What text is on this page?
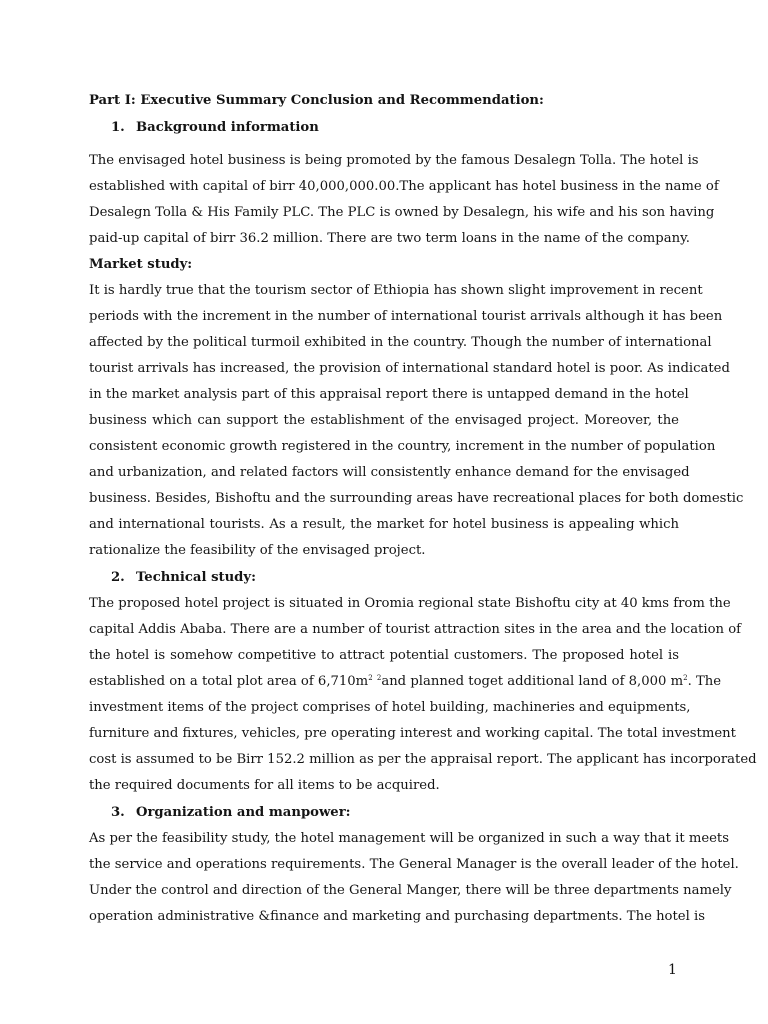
Part I: Executive Summary Conclusion and Recommendation:
1. Background information
The envisaged hotel business is being promoted by the famous Desalegn Tolla. The hotel is
established with capital of birr 40,000,000.00.The applicant has hotel business in the name of
Desalegn Tolla & His Family PLC. The PLC is owned by Desalegn, his wife and his son having
paid-up capital of birr 36.2 million. There are two term loans in the name of the company.
Market study:
It is hardly true that the tourism sector of Ethiopia has shown slight improvement in recent
periods with the increment in the number of international tourist arrivals although it has been
affected by the political turmoil exhibited in the country. Though the number of international
tourist arrivals has increased, the provision of international standard hotel is poor. As indicated
in the market analysis part of this appraisal report there is untapped demand in the hotel
business which can support the establishment of the envisaged project. Moreover, the
consistent economic growth registered in the country, increment in the number of population
and urbanization, and related factors will consistently enhance demand for the envisaged
business. Besides, Bishoftu and the surrounding areas have recreational places for both domestic
and international tourists. As a result, the market for hotel business is appealing which
rationalize the feasibility of the envisaged project.
2. Technical study:
The proposed hotel project is situated in Oromia regional state Bishoftu city at 40 kms from the
capital Addis Ababa. There are a number of tourist attraction sites in the area and the location of
the hotel is somehow competitive to attract potential customers. The proposed hotel is
established on a total plot area of $6,710m^2$ $^2$and planned toget additional land of 8,000 $m^2$. The
investment items of the project comprises of hotel building, machineries and equipments,
furniture and fixtures, vehicles, pre operating interest and working capital. The total investment
cost is assumed to be Birr 152.2 million as per the appraisal report. The applicant has incorporated
the required documents for all items to be acquired.
3. Organization and manpower:
As per the feasibility study, the hotel management will be organized in such a way that it meets
the service and operations requirements. The General Manager is the overall leader of the hotel.
Under the control and direction of the General Manger, there will be three departments namely
operation administrative &finance and marketing and purchasing departments. The hotel is
1
